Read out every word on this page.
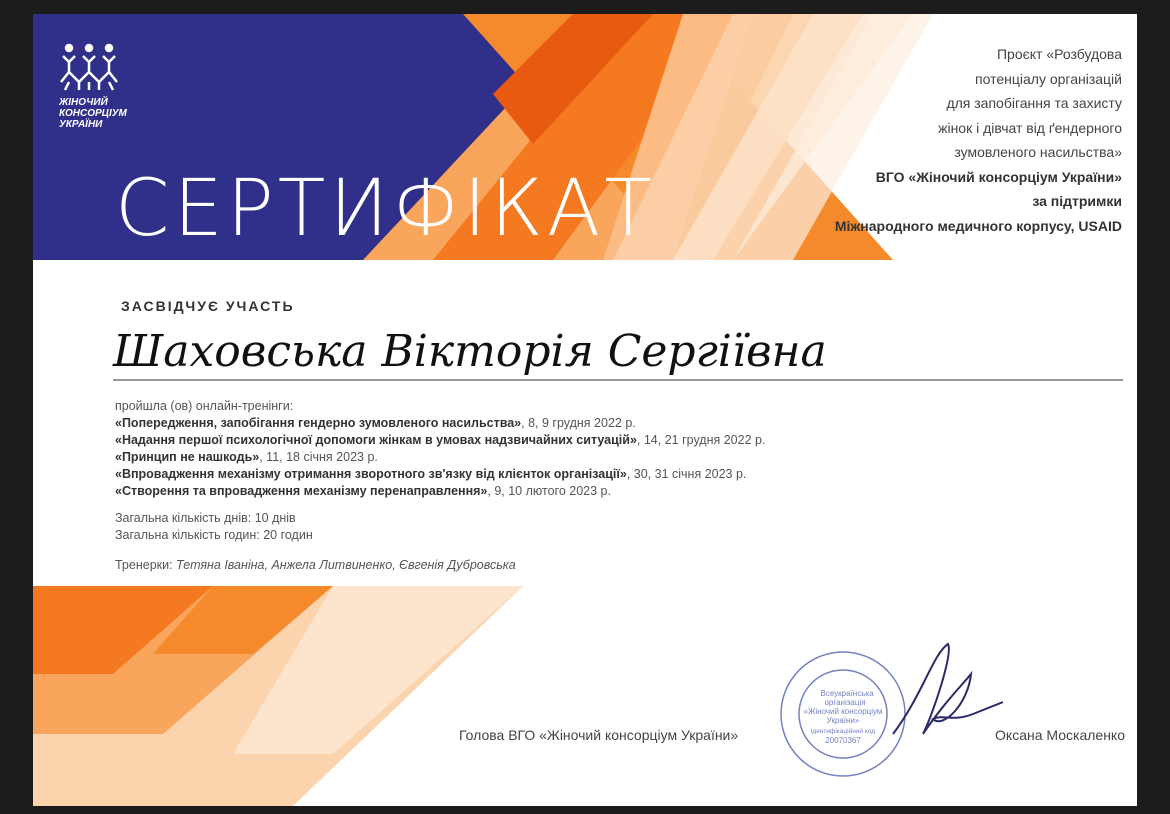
ЖІНОЧИЙ
КОНСОРЦІУМ
УКРАЇНИ
СЕРТИФІКАТ
Проєкт «Розбудова
потенціалу організацій
для запобігання та захисту
жінок і дівчат від ґендерного
зумовленого насильства»
ВГО «Жіночий консорціум України»
за підтримки
Міжнародного медичного корпусу, USAID
ЗАСВІДЧУЄ УЧАСТЬ
Шаховська Вікторія Сергіївна
пройшла (ов) онлайн-тренінги:
«Попередження, запобігання гендерно зумовленого насильства», 8, 9 грудня 2022 р.
«Надання першої психологічної допомоги жінкам в умовах надзвичайних ситуацій», 14, 21 грудня 2022 р.
«Принцип не нашкодь», 11, 18 січня 2023 р.
«Впровадження механізму отримання зворотного зв'язку від клієнток організації», 30, 31 січня 2023 р.
«Створення та впровадження механізму перенаправлення», 9, 10 лютого 2023 р.
Загальна кількість днів: 10 днів
Загальна кількість годин: 20 годин
Тренерки: Тетяна Іваніна, Анжела Литвиненко, Євгенія Дубровська
Всеукраїнська
організація
«Жіночий консорціум
України»
ідентифікаційний код
20070367
Голова ВГО «Жіночий консорціум України»	Оксана Москаленко
